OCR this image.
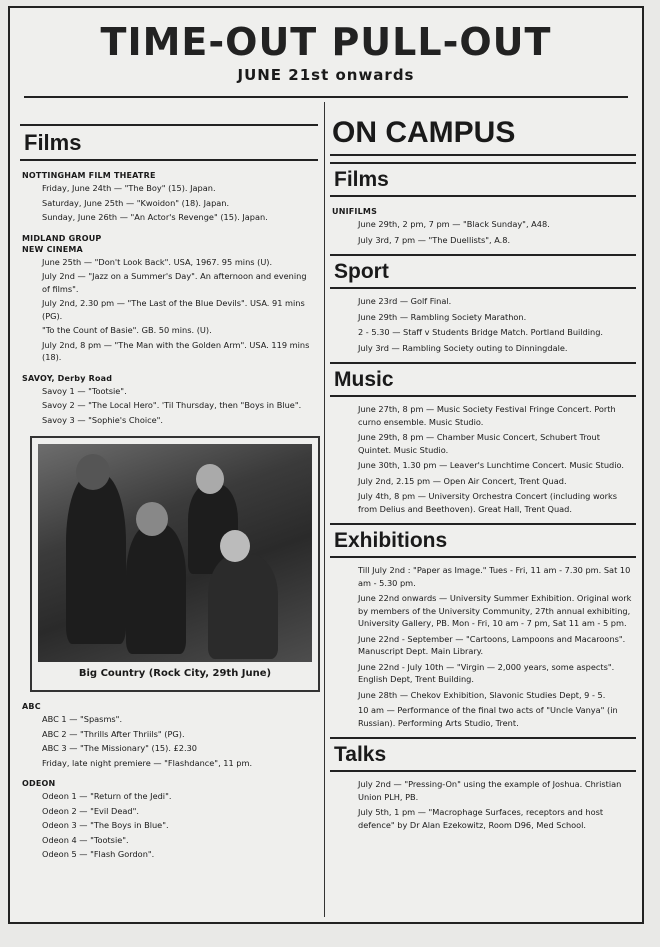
TIME-OUT PULL-OUT
JUNE 21st onwards
Films
NOTTINGHAM FILM THEATRE
Friday, June 24th — "The Boy" (15). Japan.
Saturday, June 25th — "Kwoidon" (18). Japan.
Sunday, June 26th — "An Actor's Revenge" (15). Japan.
MIDLAND GROUP
NEW CINEMA
June 25th — "Don't Look Back". USA, 1967. 95 mins (U).
July 2nd — "Jazz on a Summer's Day". An afternoon and evening of films".
July 2nd, 2.30 pm — "The Last of the Blue Devils". USA. 91 mins (PG).
"To the Count of Basie". GB. 50 mins. (U).
July 2nd, 8 pm — "The Man with the Golden Arm". USA. 119 mins (18).
SAVOY, Derby Road
Savoy 1 — "Tootsie".
Savoy 2 — "The Local Hero". 'Til Thursday, then "Boys in Blue".
Savoy 3 — "Sophie's Choice".
Big Country (Rock City, 29th June)
ABC
ABC 1 — "Spasms".
ABC 2 — "Thrills After Thriils" (PG).
ABC 3 — "The Missionary" (15). £2.30
Friday, late night premiere — "Flashdance", 11 pm.
ODEON
Odeon 1 — "Return of the Jedi".
Odeon 2 — "Evil Dead".
Odeon 3 — "The Boys in Blue".
Odeon 4 — "Tootsie".
Odeon 5 — "Flash Gordon".
ON CAMPUS
Films
UNIFILMS
June 29th, 2 pm, 7 pm — "Black Sunday", A48.
July 3rd, 7 pm — "The Duellists", A.8.
Sport
June 23rd — Golf Final.
June 29th — Rambling Society Marathon.
2 - 5.30 — Staff v Students Bridge Match. Portland Building.
July 3rd — Rambling Society outing to Dinningdale.
Music
June 27th, 8 pm — Music Society Festival Fringe Concert. Porth curno ensemble. Music Studio.
June 29th, 8 pm — Chamber Music Concert, Schubert Trout Quintet. Music Studio.
June 30th, 1.30 pm — Leaver's Lunchtime Concert. Music Studio.
July 2nd, 2.15 pm — Open Air Concert, Trent Quad.
July 4th, 8 pm — University Orchestra Concert (including works from Delius and Beethoven). Great Hall, Trent Quad.
Exhibitions
Till July 2nd : "Paper as Image." Tues - Fri, 11 am - 7.30 pm. Sat 10 am - 5.30 pm.
June 22nd onwards — University Summer Exhibition. Original work by members of the University Community, 27th annual exhibiting, University Gallery, PB. Mon - Fri, 10 am - 7 pm, Sat 11 am - 5 pm.
June 22nd - September — "Cartoons, Lampoons and Macaroons". Manuscript Dept. Main Library.
June 22nd - July 10th — "Virgin — 2,000 years, some aspects". English Dept, Trent Building.
June 28th — Chekov Exhibition, Slavonic Studies Dept, 9 - 5.
10 am — Performance of the final two acts of "Uncle Vanya" (in Russian). Performing Arts Studio, Trent.
Talks
July 2nd — "Pressing-On" using the example of Joshua. Christian Union PLH, PB.
July 5th, 1 pm — "Macrophage Surfaces, receptors and host defence" by Dr Alan Ezekowitz, Room D96, Med School.
